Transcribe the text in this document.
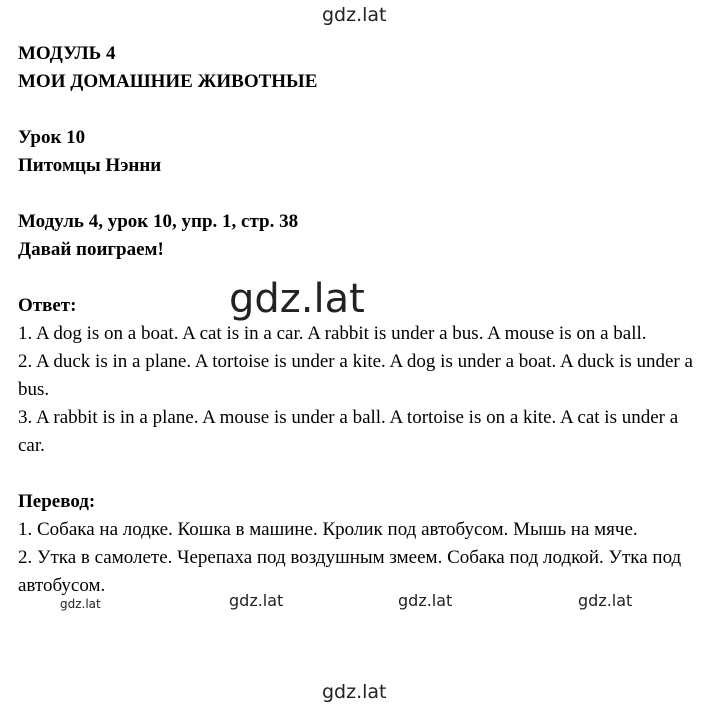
МОДУЛЬ 4

МОИ ДОМАШНИЕ ЖИВОТНЫЕ

Урок 10

Питомцы Нэнни

Модуль 4, урок 10, упр. 1, стр. 38

Давай поиграем!

Ответ:

1. A dog is on a boat. A cat is in a car. A rabbit is under a bus. A mouse is on a ball.

2. A duck is in a plane. A tortoise is under a kite. A dog is under a boat. A duck is under a bus.

3. A rabbit is in a plane. A mouse is under a ball. A tortoise is on a kite. A cat is under a car.

Перевод:

1. Собака на лодке. Кошка в машине. Кролик под автобусом. Мышь на мяче.

2. Утка в самолете. Черепаха под воздушным змеем. Собака под лодкой. Утка под автобусом.

gdz.lat
gdz.lat
gdz.lat	gdz.lat	gdz.lat	gdz.lat
gdz.lat
